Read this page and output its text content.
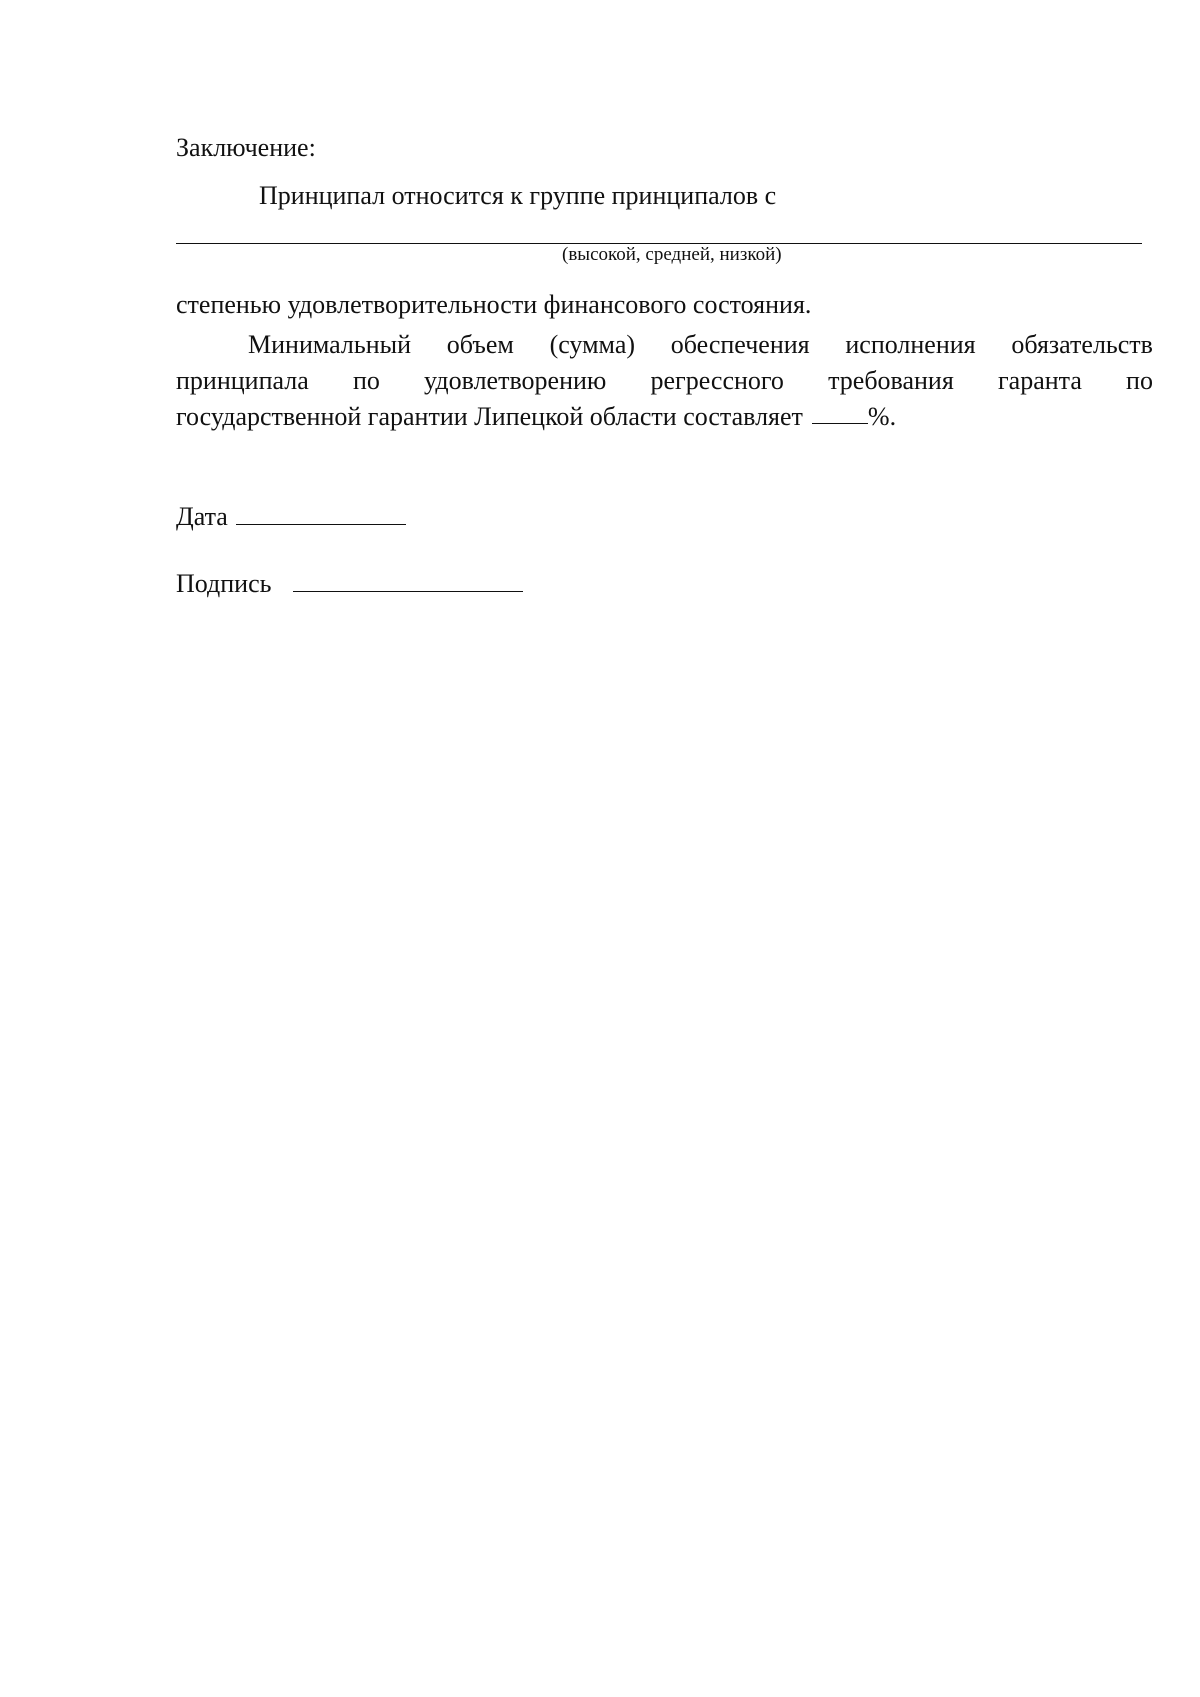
Заключение:
Принципал относится к группе принципалов с
(высокой, средней, низкой)
степенью удовлетворительности финансового состояния.
Минимальный объем (сумма) обеспечения исполнения обязательств
принципала по удовлетворению регрессного требования гаранта по
государственной гарантии Липецкой области составляет	%.
Дата
Подпись
